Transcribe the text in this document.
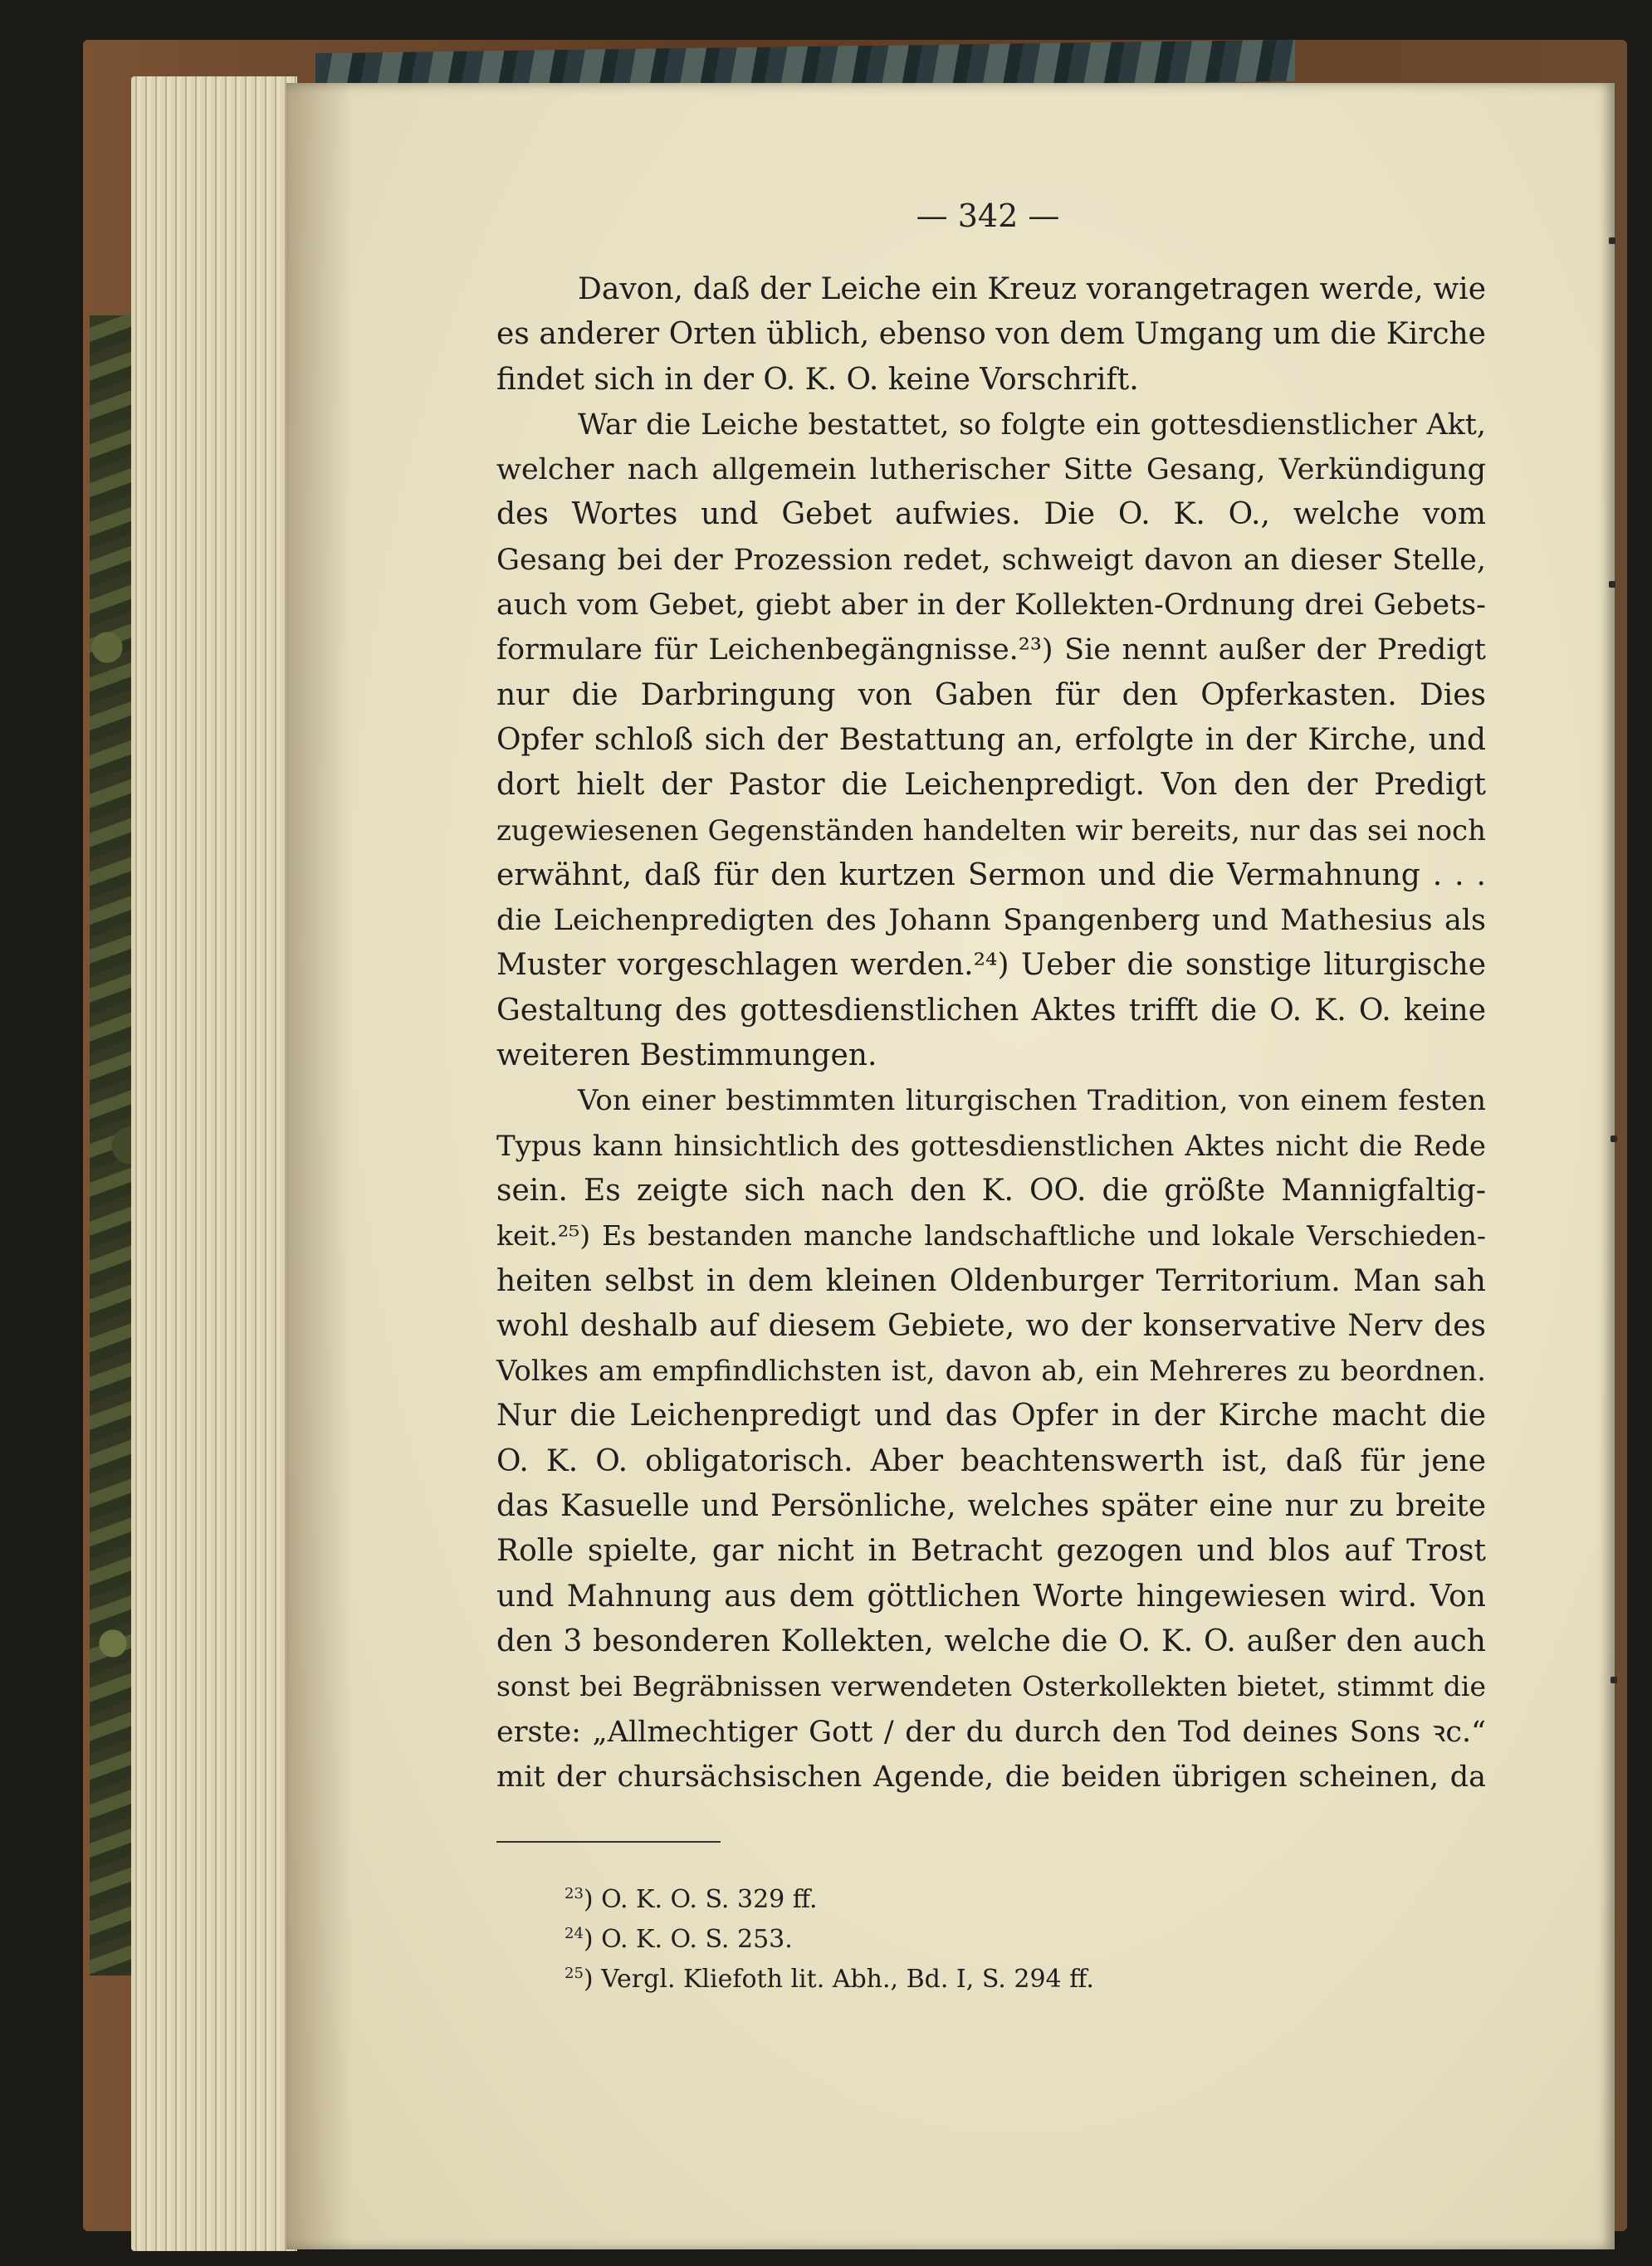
— 342 —
Davon, daß der Leiche ein Kreuz vorangetragen werde, wie
es anderer Orten üblich, ebenso von dem Umgang um die Kirche
findet sich in der O. K. O. keine Vorschrift.
War die Leiche bestattet, so folgte ein gottesdienstlicher Akt,
welcher nach allgemein lutherischer Sitte Gesang, Verkündigung
des Wortes und Gebet aufwies. Die O. K. O., welche vom
Gesang bei der Prozession redet, schweigt davon an dieser Stelle,
auch vom Gebet, giebt aber in der Kollekten-Ordnung drei Gebets-
formulare für Leichenbegängnisse.²³) Sie nennt außer der Predigt
nur die Darbringung von Gaben für den Opferkasten. Dies
Opfer schloß sich der Bestattung an, erfolgte in der Kirche, und
dort hielt der Pastor die Leichenpredigt. Von den der Predigt
zugewiesenen Gegenständen handelten wir bereits, nur das sei noch
erwähnt, daß für den kurtzen Sermon und die Vermahnung . . .
die Leichenpredigten des Johann Spangenberg und Mathesius als
Muster vorgeschlagen werden.²⁴) Ueber die sonstige liturgische
Gestaltung des gottesdienstlichen Aktes trifft die O. K. O. keine
weiteren Bestimmungen.
Von einer bestimmten liturgischen Tradition, von einem festen
Typus kann hinsichtlich des gottesdienstlichen Aktes nicht die Rede
sein. Es zeigte sich nach den K. OO. die größte Mannigfaltig-
keit.²⁵) Es bestanden manche landschaftliche und lokale Verschieden-
heiten selbst in dem kleinen Oldenburger Territorium. Man sah
wohl deshalb auf diesem Gebiete, wo der konservative Nerv des
Volkes am empfindlichsten ist, davon ab, ein Mehreres zu beordnen.
Nur die Leichenpredigt und das Opfer in der Kirche macht die
O. K. O. obligatorisch. Aber beachtenswerth ist, daß für jene
das Kasuelle und Persönliche, welches später eine nur zu breite
Rolle spielte, gar nicht in Betracht gezogen und blos auf Trost
und Mahnung aus dem göttlichen Worte hingewiesen wird. Von
den 3 besonderen Kollekten, welche die O. K. O. außer den auch
sonst bei Begräbnissen verwendeten Osterkollekten bietet, stimmt die
erste: „Allmechtiger Gott / der du durch den Tod deines Sons ꝛc.“
mit der chursächsischen Agende, die beiden übrigen scheinen, da
$^{23}$) O. K. O. S. 329 ff.
$^{24}$) O. K. O. S. 253.
$^{25}$) Vergl. Kliefoth lit. Abh., Bd. I, S. 294 ff.
